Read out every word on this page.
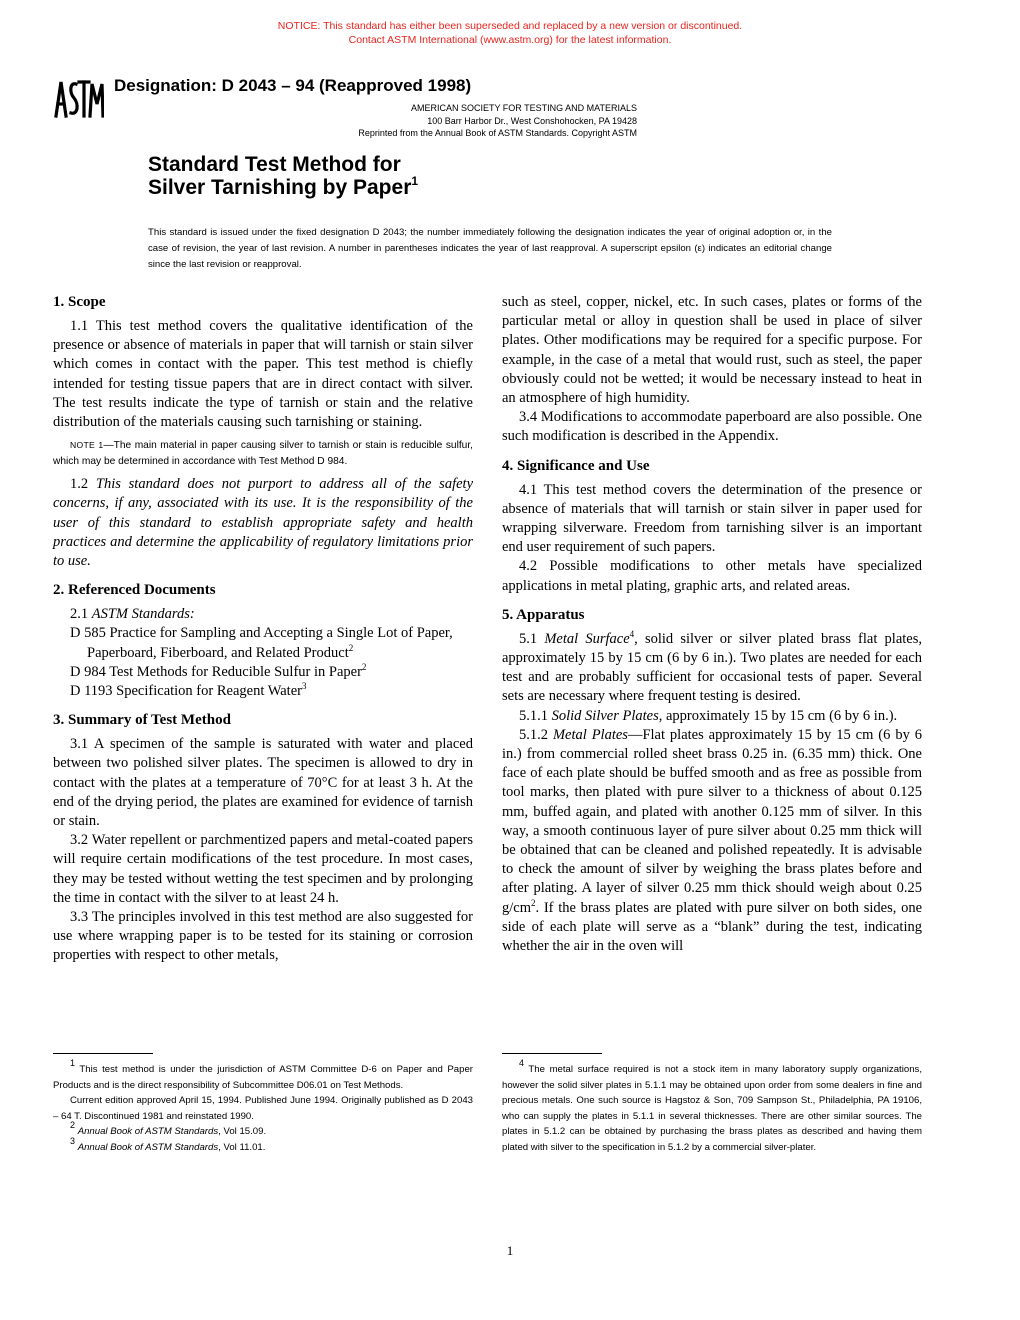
NOTICE: This standard has either been superseded and replaced by a new version or discontinued.
Contact ASTM International (www.astm.org) for the latest information.
ASTM	Designation: D 2043 – 94 (Reapproved 1998)
AMERICAN SOCIETY FOR TESTING AND MATERIALS
100 Barr Harbor Dr., West Conshohocken, PA 19428
Reprinted from the Annual Book of ASTM Standards. Copyright ASTM
Standard Test Method for
Silver Tarnishing by Paper$^1$
This standard is issued under the fixed designation D 2043; the number immediately following the designation indicates the year of original adoption or, in the case of revision, the year of last revision. A number in parentheses indicates the year of last reapproval. A superscript epsilon (ε) indicates an editorial change since the last revision or reapproval.
1. Scope

1.1 This test method covers the qualitative identification of the presence or absence of materials in paper that will tarnish or stain silver which comes in contact with the paper. This test method is chiefly intended for testing tissue papers that are in direct contact with silver. The test results indicate the type of tarnish or stain and the relative distribution of the materials causing such tarnishing or staining.

NOTE 1—The main material in paper causing silver to tarnish or stain is reducible sulfur, which may be determined in accordance with Test Method D 984.

1.2 This standard does not purport to address all of the safety concerns, if any, associated with its use. It is the responsibility of the user of this standard to establish appropriate safety and health practices and determine the applicability of regulatory limitations prior to use.

2. Referenced Documents

2.1 ASTM Standards:

D 585 Practice for Sampling and Accepting a Single Lot of Paper, Paperboard, Fiberboard, and Related Product$^2$

D 984 Test Methods for Reducible Sulfur in Paper$^2$

D 1193 Specification for Reagent Water$^3$

3. Summary of Test Method

3.1 A specimen of the sample is saturated with water and placed between two polished silver plates. The specimen is allowed to dry in contact with the plates at a temperature of 70°C for at least 3 h. At the end of the drying period, the plates are examined for evidence of tarnish or stain.

3.2 Water repellent or parchmentized papers and metal-coated papers will require certain modifications of the test procedure. In most cases, they may be tested without wetting the test specimen and by prolonging the time in contact with the silver to at least 24 h.

3.3 The principles involved in this test method are also suggested for use where wrapping paper is to be tested for its staining or corrosion properties with respect to other metals,

such as steel, copper, nickel, etc. In such cases, plates or forms of the particular metal or alloy in question shall be used in place of silver plates. Other modifications may be required for a specific purpose. For example, in the case of a metal that would rust, such as steel, the paper obviously could not be wetted; it would be necessary instead to heat in an atmosphere of high humidity.

3.4 Modifications to accommodate paperboard are also possible. One such modification is described in the Appendix.

4. Significance and Use

4.1 This test method covers the determination of the presence or absence of materials that will tarnish or stain silver in paper used for wrapping silverware. Freedom from tarnishing silver is an important end user requirement of such papers.

4.2 Possible modifications to other metals have specialized applications in metal plating, graphic arts, and related areas.

5. Apparatus

5.1 Metal Surface$^4$, solid silver or silver plated brass flat plates, approximately 15 by 15 cm (6 by 6 in.). Two plates are needed for each test and are probably sufficient for occasional tests of paper. Several sets are necessary where frequent testing is desired.

5.1.1 Solid Silver Plates, approximately 15 by 15 cm (6 by 6 in.).

5.1.2 Metal Plates—Flat plates approximately 15 by 15 cm (6 by 6 in.) from commercial rolled sheet brass 0.25 in. (6.35 mm) thick. One face of each plate should be buffed smooth and as free as possible from tool marks, then plated with pure silver to a thickness of about 0.125 mm, buffed again, and plated with another 0.125 mm of silver. In this way, a smooth continuous layer of pure silver about 0.25 mm thick will be obtained that can be cleaned and polished repeatedly. It is advisable to check the amount of silver by weighing the brass plates before and after plating. A layer of silver 0.25 mm thick should weigh about 0.25 $g/cm^2$. If the brass plates are plated with pure silver on both sides, one side of each plate will serve as a “blank” during the test, indicating whether the air in the oven will

$^1$ This test method is under the jurisdiction of ASTM Committee D-6 on Paper and Paper Products and is the direct responsibility of Subcommittee D06.01 on Test Methods.

Current edition approved April 15, 1994. Published June 1994. Originally published as D 2043 – 64 T. Discontinued 1981 and reinstated 1990.

$^2$ Annual Book of ASTM Standards, Vol 15.09.

$^3$ Annual Book of ASTM Standards, Vol 11.01.

$^4$ The metal surface required is not a stock item in many laboratory supply organizations, however the solid silver plates in 5.1.1 may be obtained upon order from some dealers in fine and precious metals. One such source is Hagstoz & Son, 709 Sampson St., Philadelphia, PA 19106, who can supply the plates in 5.1.1 in several thicknesses. There are other similar sources. The plates in 5.1.2 can be obtained by purchasing the brass plates as described and having them plated with silver to the specification in 5.1.2 by a commercial silver-plater.

1
